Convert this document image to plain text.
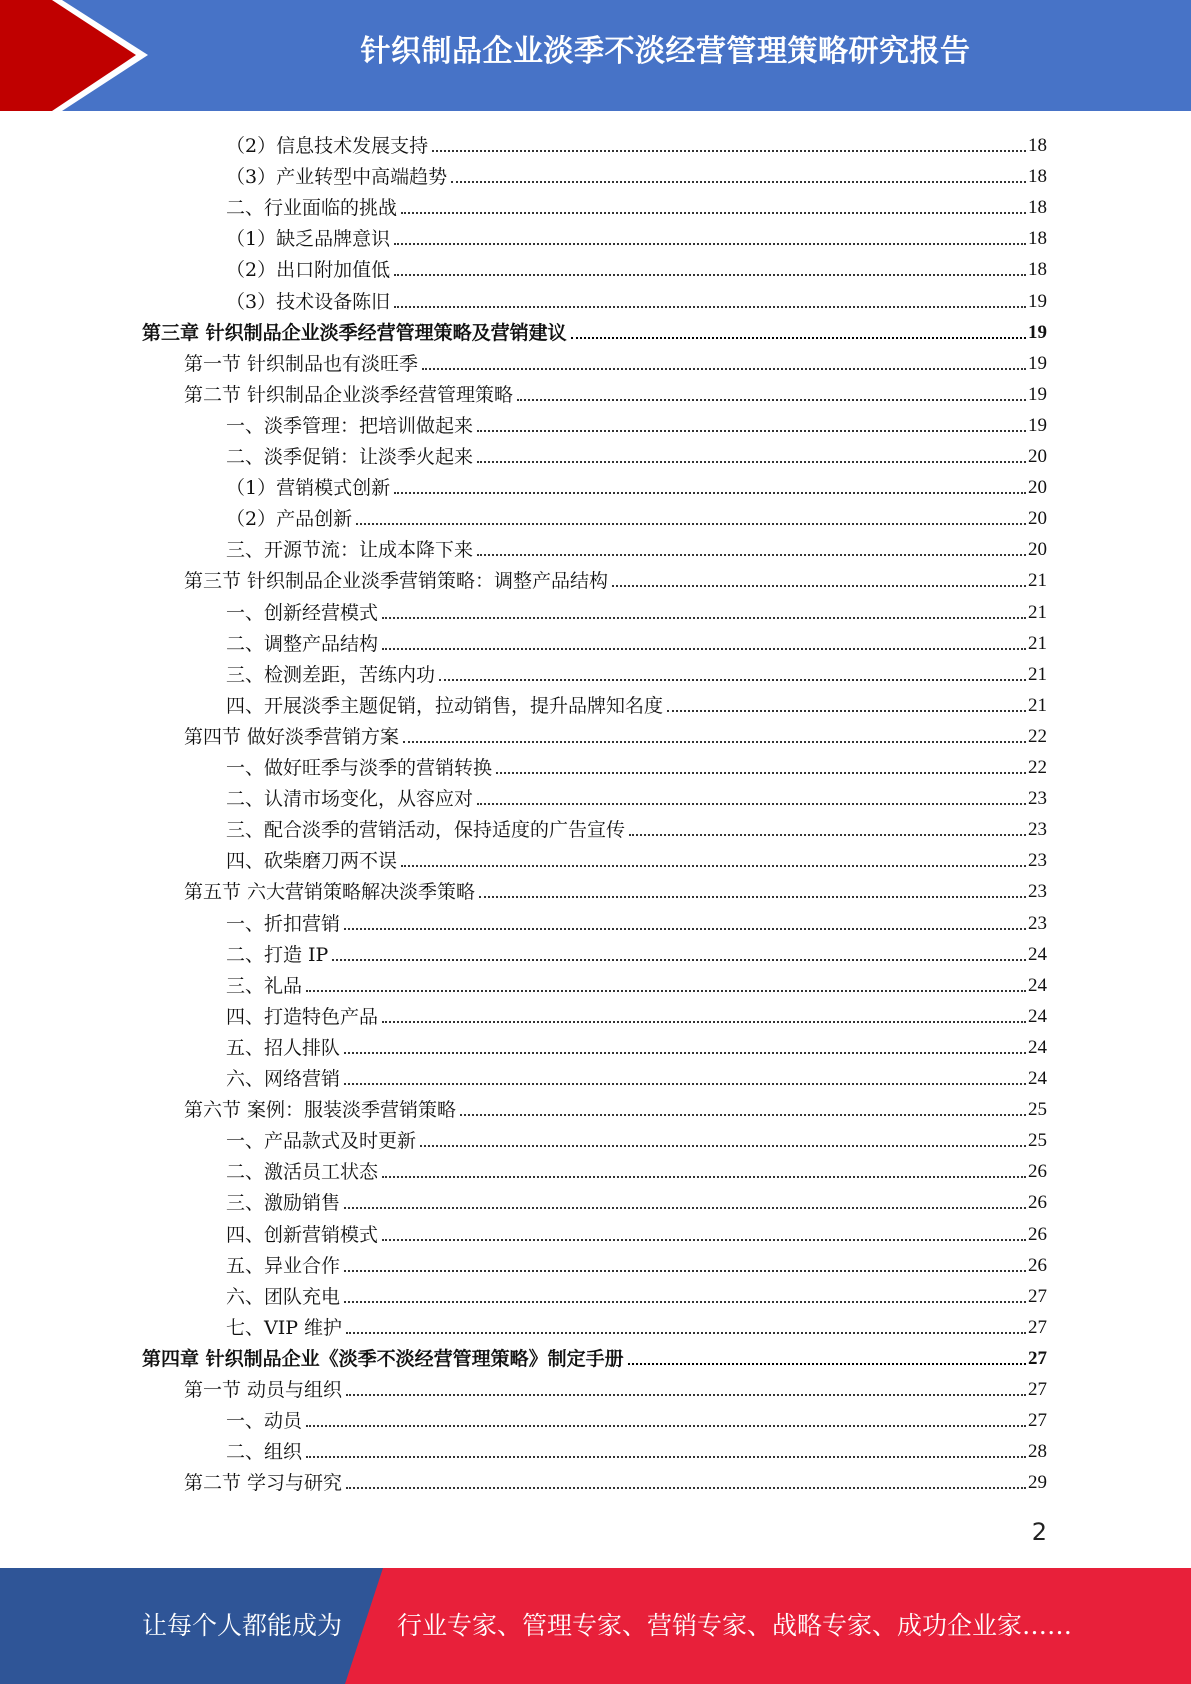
针织制品企业淡季不淡经营管理策略研究报告
（2）信息技术发展支持	18
（3）产业转型中高端趋势	18
二、行业面临的挑战	18
（1）缺乏品牌意识	18
（2）出口附加值低	18
（3）技术设备陈旧	19
第三章 针织制品企业淡季经营管理策略及营销建议	19
第一节 针织制品也有淡旺季	19
第二节 针织制品企业淡季经营管理策略	19
一、淡季管理：把培训做起来	19
二、淡季促销：让淡季火起来	20
（1）营销模式创新	20
（2）产品创新	20
三、开源节流：让成本降下来	20
第三节 针织制品企业淡季营销策略：调整产品结构	21
一、创新经营模式	21
二、调整产品结构	21
三、检测差距，苦练内功	21
四、开展淡季主题促销，拉动销售，提升品牌知名度	21
第四节 做好淡季营销方案	22
一、做好旺季与淡季的营销转换	22
二、认清市场变化，从容应对	23
三、配合淡季的营销活动，保持适度的广告宣传	23
四、砍柴磨刀两不误	23
第五节 六大营销策略解决淡季策略	23
一、折扣营销	23
二、打造 IP	24
三、礼品	24
四、打造特色产品	24
五、招人排队	24
六、网络营销	24
第六节 案例：服装淡季营销策略	25
一、产品款式及时更新	25
二、激活员工状态	26
三、激励销售	26
四、创新营销模式	26
五、异业合作	26
六、团队充电	27
七、VIP 维护	27
第四章 针织制品企业《淡季不淡经营管理策略》制定手册	27
第一节 动员与组织	27
一、动员	27
二、组织	28
第二节 学习与研究	29
2
让每个人都能成为 行业专家、管理专家、营销专家、战略专家、成功企业家……
